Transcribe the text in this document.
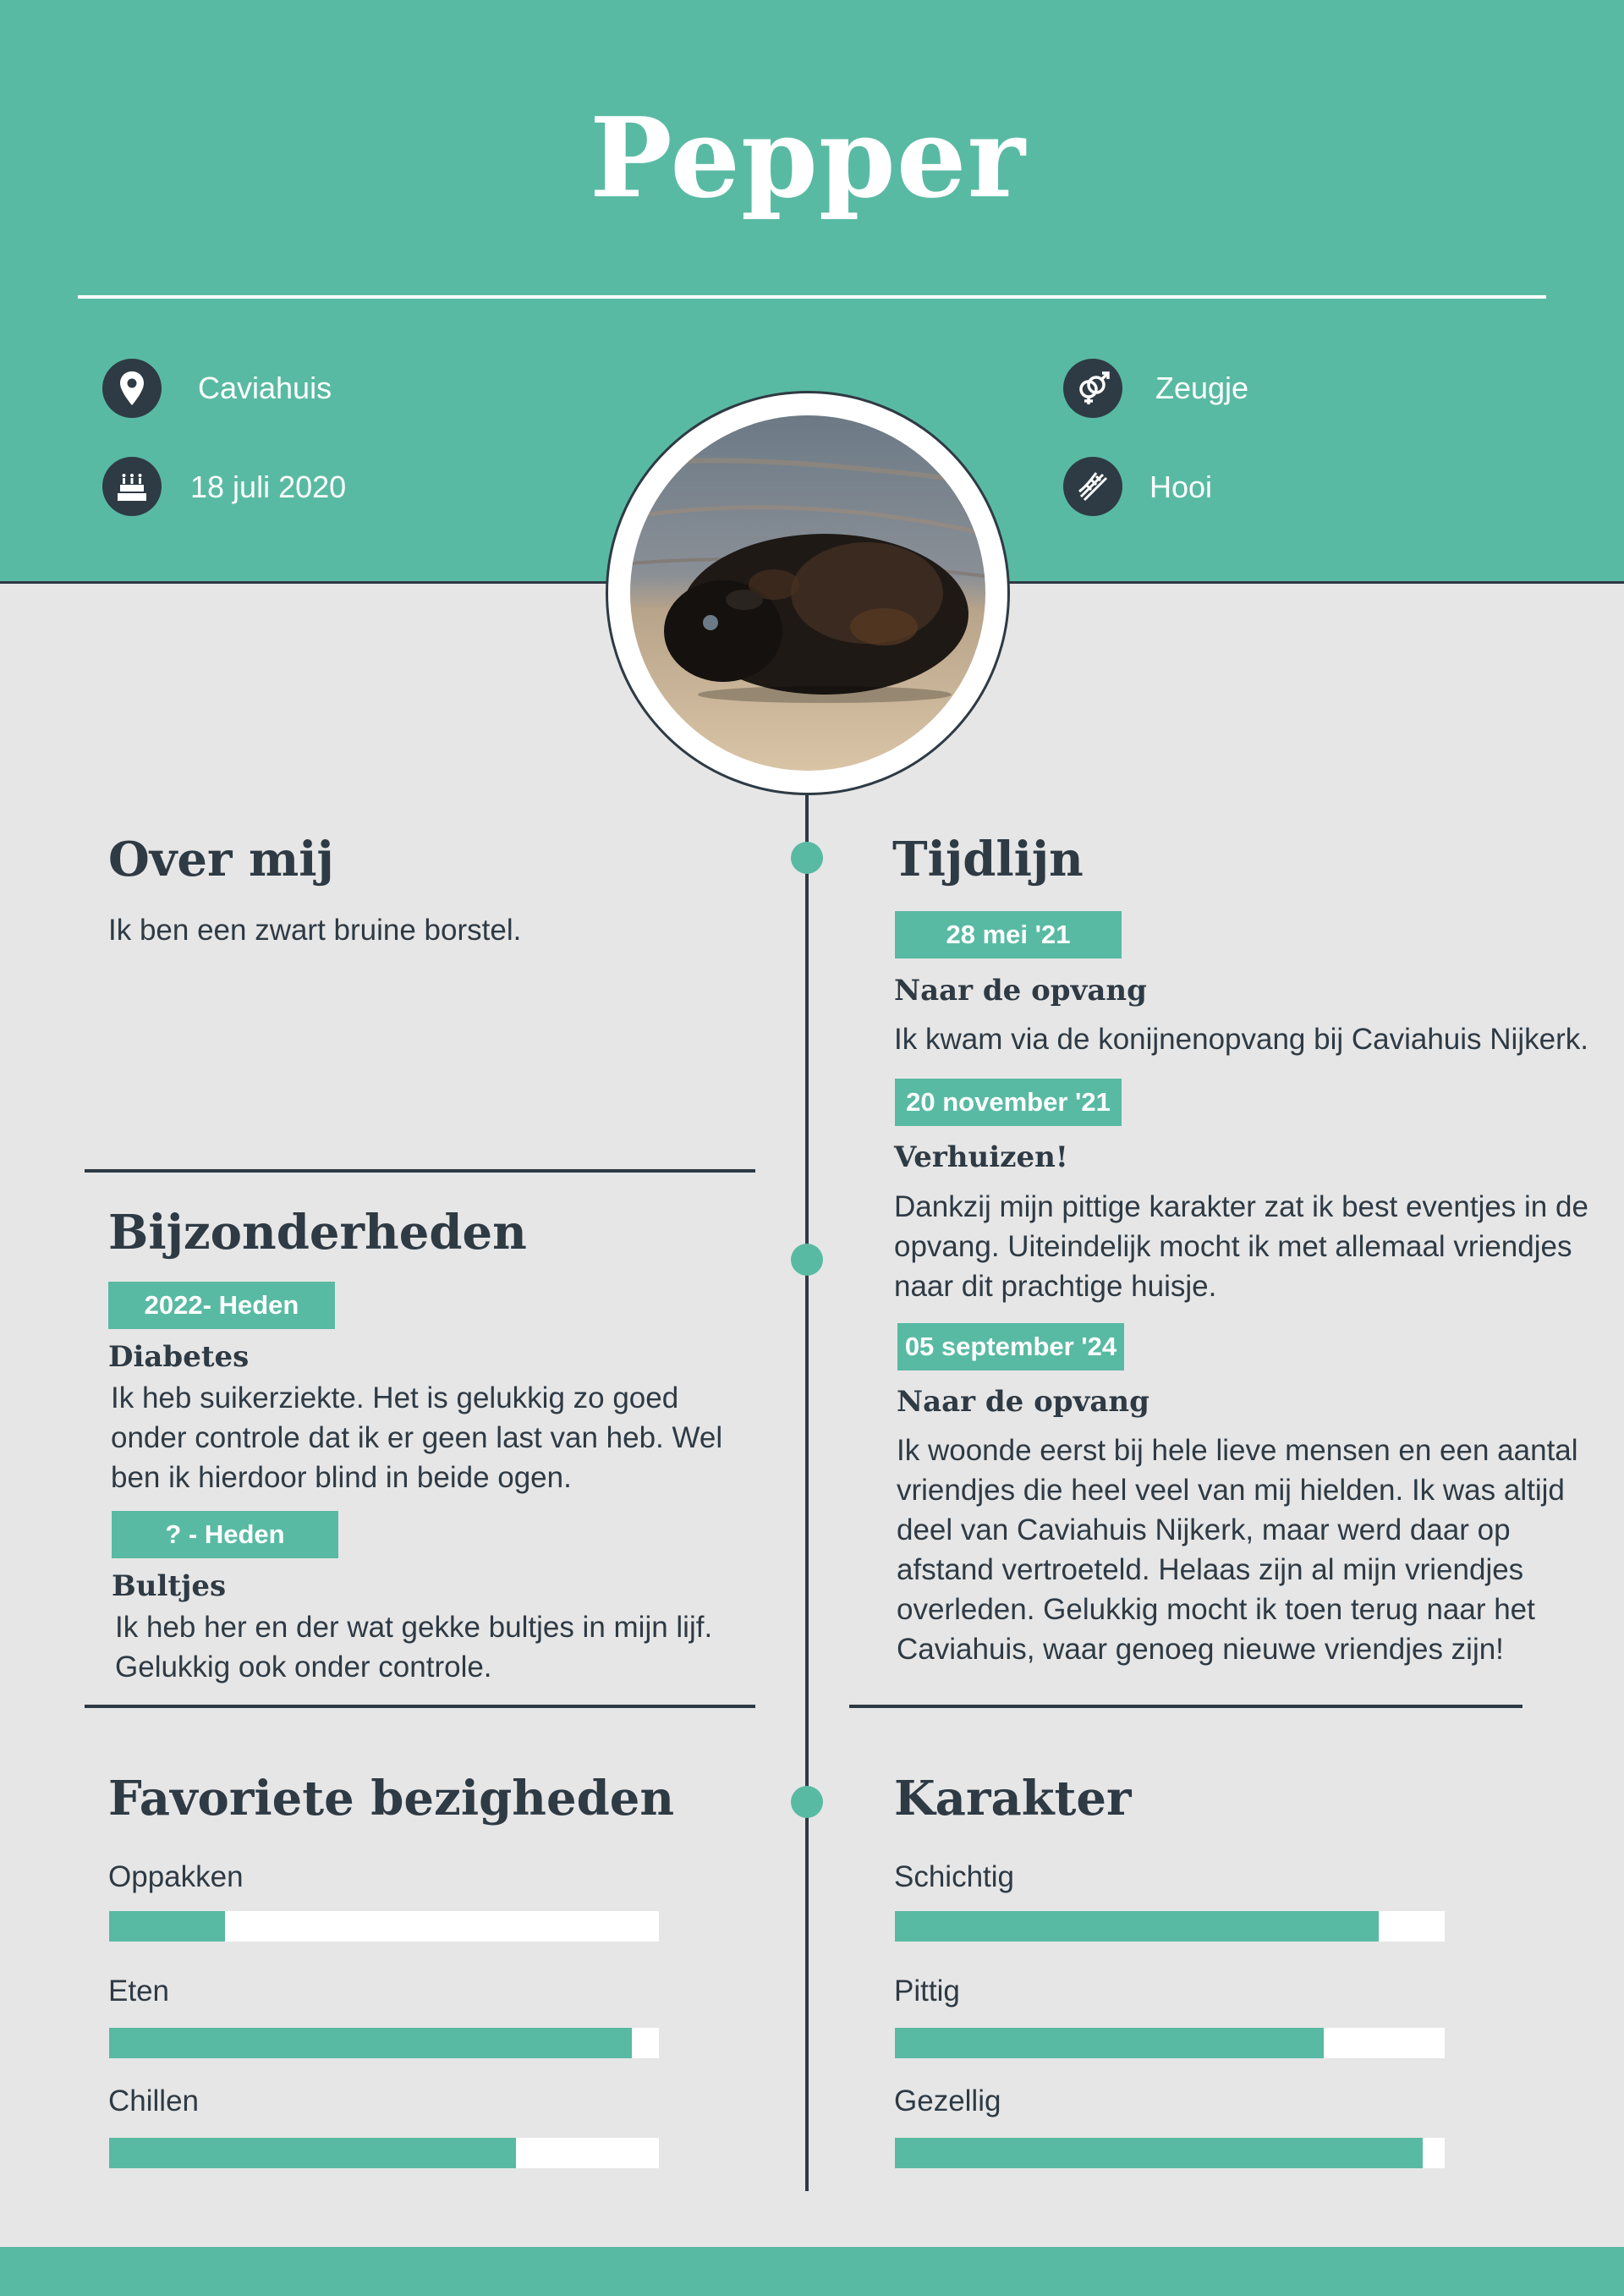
Pepper
Caviahuis
18 juli 2020
Zeugje
Hooi
Over mij
Ik ben een zwart bruine borstel.
Bijzonderheden
2022- Heden
Diabetes
Ik heb suikerziekte. Het is gelukkig zo goed onder controle dat ik er geen last van heb. Wel ben ik hierdoor blind in beide ogen.
? - Heden
Bultjes
Ik heb her en der wat gekke bultjes in mijn lijf. Gelukkig ook onder controle.
Tijdlijn
28 mei '21
Naar de opvang
Ik kwam via de konijnenopvang bij Caviahuis Nijkerk.
20 november '21
Verhuizen!
Dankzij mijn pittige karakter zat ik best eventjes in de opvang. Uiteindelijk mocht ik met allemaal vriendjes naar dit prachtige huisje.
05 september '24
Naar de opvang
Ik woonde eerst bij hele lieve mensen en een aantal vriendjes die heel veel van mij hielden. Ik was altijd deel van Caviahuis Nijkerk, maar werd daar op afstand vertroeteld. Helaas zijn al mijn vriendjes overleden. Gelukkig mocht ik toen terug naar het Caviahuis, waar genoeg nieuwe vriendjes zijn!
Favoriete bezigheden
Oppakken
Eten
Chillen
Karakter
Schichtig
Pittig
Gezellig
